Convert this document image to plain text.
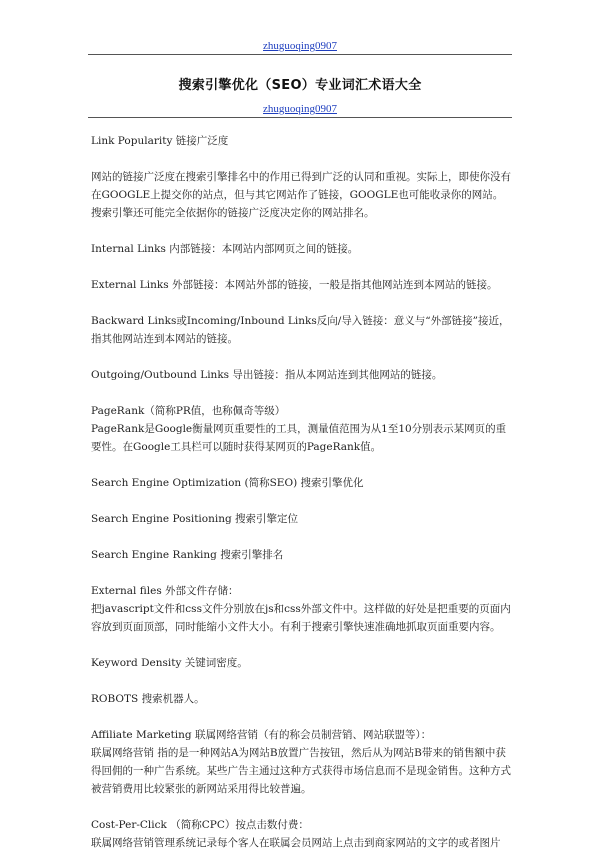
zhuguoqing0907
搜索引擎优化（SEO）专业词汇术语大全
zhuguoqing0907

Link Popularity 链接广泛度

网站的链接广泛度在搜索引擎排名中的作用已得到广泛的认同和重视。实际上，即使你没有在GOOGLE上提交你的站点，但与其它网站作了链接，GOOGLE也可能收录你的网站。搜索引擎还可能完全依据你的链接广泛度决定你的网站排名。

Internal Links 内部链接：本网站内部网页之间的链接。

External Links 外部链接：本网站外部的链接，一般是指其他网站连到本网站的链接。

Backward Links或Incoming/Inbound Links反向/导入链接：意义与“外部链接”接近，指其他网站连到本网站的链接。

Outgoing/Outbound Links 导出链接：指从本网站连到其他网站的链接。

PageRank（简称PR值，也称佩奇等级）
PageRank是Google衡量网页重要性的工具，测量值范围为从1至10分别表示某网页的重要性。在Google工具栏可以随时获得某网页的PageRank值。

Search Engine Optimization (简称SEO) 搜索引擎优化

Search Engine Positioning 搜索引擎定位

Search Engine Ranking 搜索引擎排名

External files 外部文件存储：
把javascript文件和css文件分别放在js和css外部文件中。这样做的好处是把重要的页面内容放到页面顶部，同时能缩小文件大小。有利于搜索引擎快速准确地抓取页面重要内容。

Keyword Density 关键词密度。

ROBOTS 搜索机器人。

Affiliate Marketing 联属网络营销（有的称会员制营销、网站联盟等）：
联属网络营销 指的是一种网站A为网站B放置广告按钮，然后从为网站B带来的销售额中获得回佣的一种广告系统。某些广告主通过这种方式获得市场信息而不是现金销售。这种方式被营销费用比较紧张的新网站采用得比较普遍。

Cost-Per-Click （简称CPC）按点击数付费：
联属网络营销管理系统记录每个客人在联属会员网站上点击到商家网站的文字的或者图片
